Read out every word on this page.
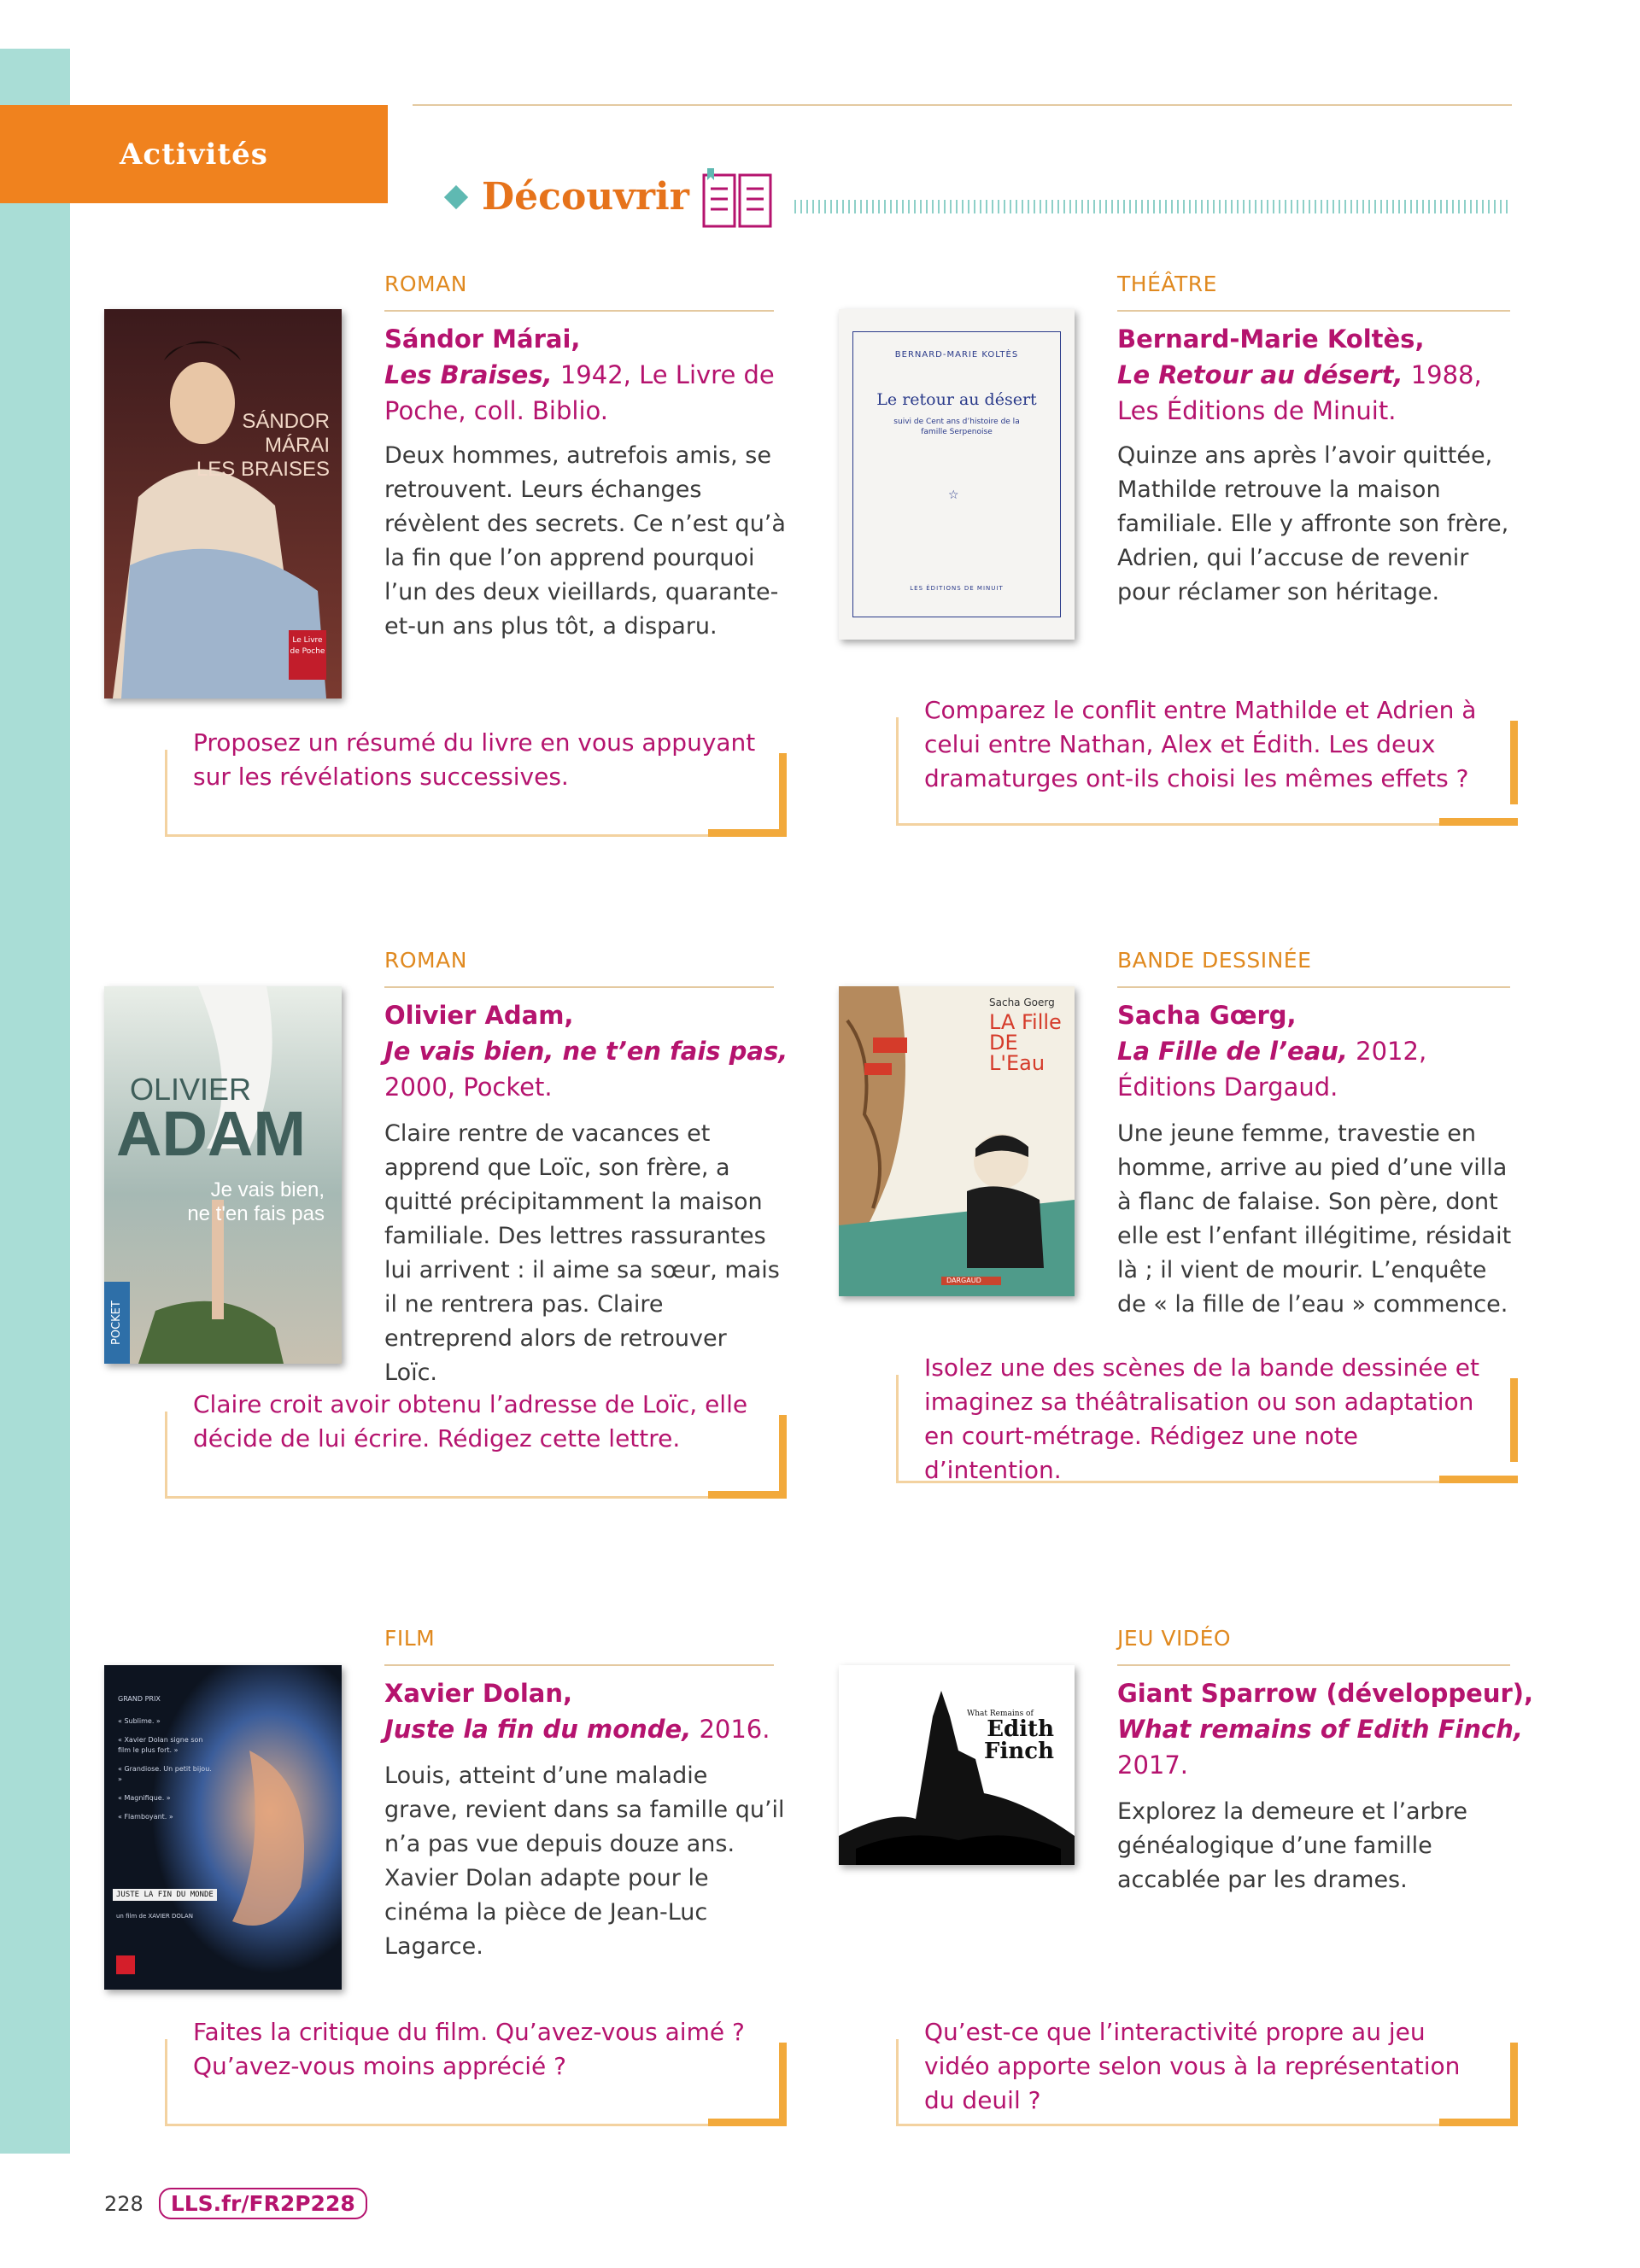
Activités
Découvrir
ROMAN
SÁNDOR
MÁRAI
LES BRAISES
Le Livre de Poche
Sándor Márai,
Les Braises, 1942, Le Livre de Poche, coll. Biblio.
Deux hommes, autrefois amis, se retrouvent. Leurs échanges révèlent des secrets. Ce n’est qu’à la fin que l’on apprend pourquoi l’un des deux vieillards, quarante-et-un ans plus tôt, a disparu.
Proposez un résumé du livre en vous appuyant sur les révélations successives.
THÉÂTRE
BERNARD-MARIE KOLTÈS
Le retour au désert
suivi de Cent ans d’histoire de la famille Serpenoise
☆
LES ÉDITIONS DE MINUIT
Bernard-Marie Koltès,
Le Retour au désert, 1988, Les Éditions de Minuit.
Quinze ans après l’avoir quittée, Mathilde retrouve la maison familiale. Elle y affronte son frère, Adrien, qui l’accuse de revenir pour réclamer son héritage.
Comparez le conflit entre Mathilde et Adrien à celui entre Nathan, Alex et Édith. Les deux dramaturges ont-ils choisi les mêmes effets ?
ROMAN
OLIVIER
ADAM
Je vais bien,
ne t'en fais pas
POCKET
Olivier Adam,
Je vais bien, ne t’en fais pas, 2000, Pocket.
Claire rentre de vacances et apprend que Loïc, son frère, a quitté précipitamment la maison familiale. Des lettres rassurantes lui arrivent : il aime sa sœur, mais il ne rentrera pas. Claire entreprend alors de retrouver Loïc.
Claire croit avoir obtenu l’adresse de Loïc, elle décide de lui écrire. Rédigez cette lettre.
BANDE DESSINÉE
Sacha Goerg
LA Fille
DE L'Eau
DARGAUD
Sacha Gœrg,
La Fille de l’eau, 2012, Éditions Dargaud.
Une jeune femme, travestie en homme, arrive au pied d’une villa à flanc de falaise. Son père, dont elle est l’enfant illégitime, résidait là ; il vient de mourir. L’enquête de « la fille de l’eau » commence.
Isolez une des scènes de la bande dessinée et imaginez sa théâtralisation ou son adaptation en court-métrage. Rédigez une note d’intention.
FILM
GRAND PRIX
« Sublime. »
« Xavier Dolan signe son film le plus fort. »
« Grandiose. Un petit bijou. »
« Magnifique. »
« Flamboyant. »
JUSTE LA FIN DU MONDE
un film de XAVIER DOLAN
Xavier Dolan,
Juste la fin du monde, 2016.
Louis, atteint d’une maladie grave, revient dans sa famille qu’il n’a pas vue depuis douze ans. Xavier Dolan adapte pour le cinéma la pièce de Jean-Luc Lagarce.
Faites la critique du film. Qu’avez-vous aimé ? Qu’avez-vous moins apprécié ?
JEU VIDÉO
What Remains of
Edith
Finch
Giant Sparrow (développeur),
What remains of Edith Finch, 2017.
Explorez la demeure et l’arbre généalogique d’une famille accablée par les drames.
Qu’est-ce que l’interactivité propre au jeu vidéo apporte selon vous à la représentation du deuil ?
228	LLS.fr/FR2P228
